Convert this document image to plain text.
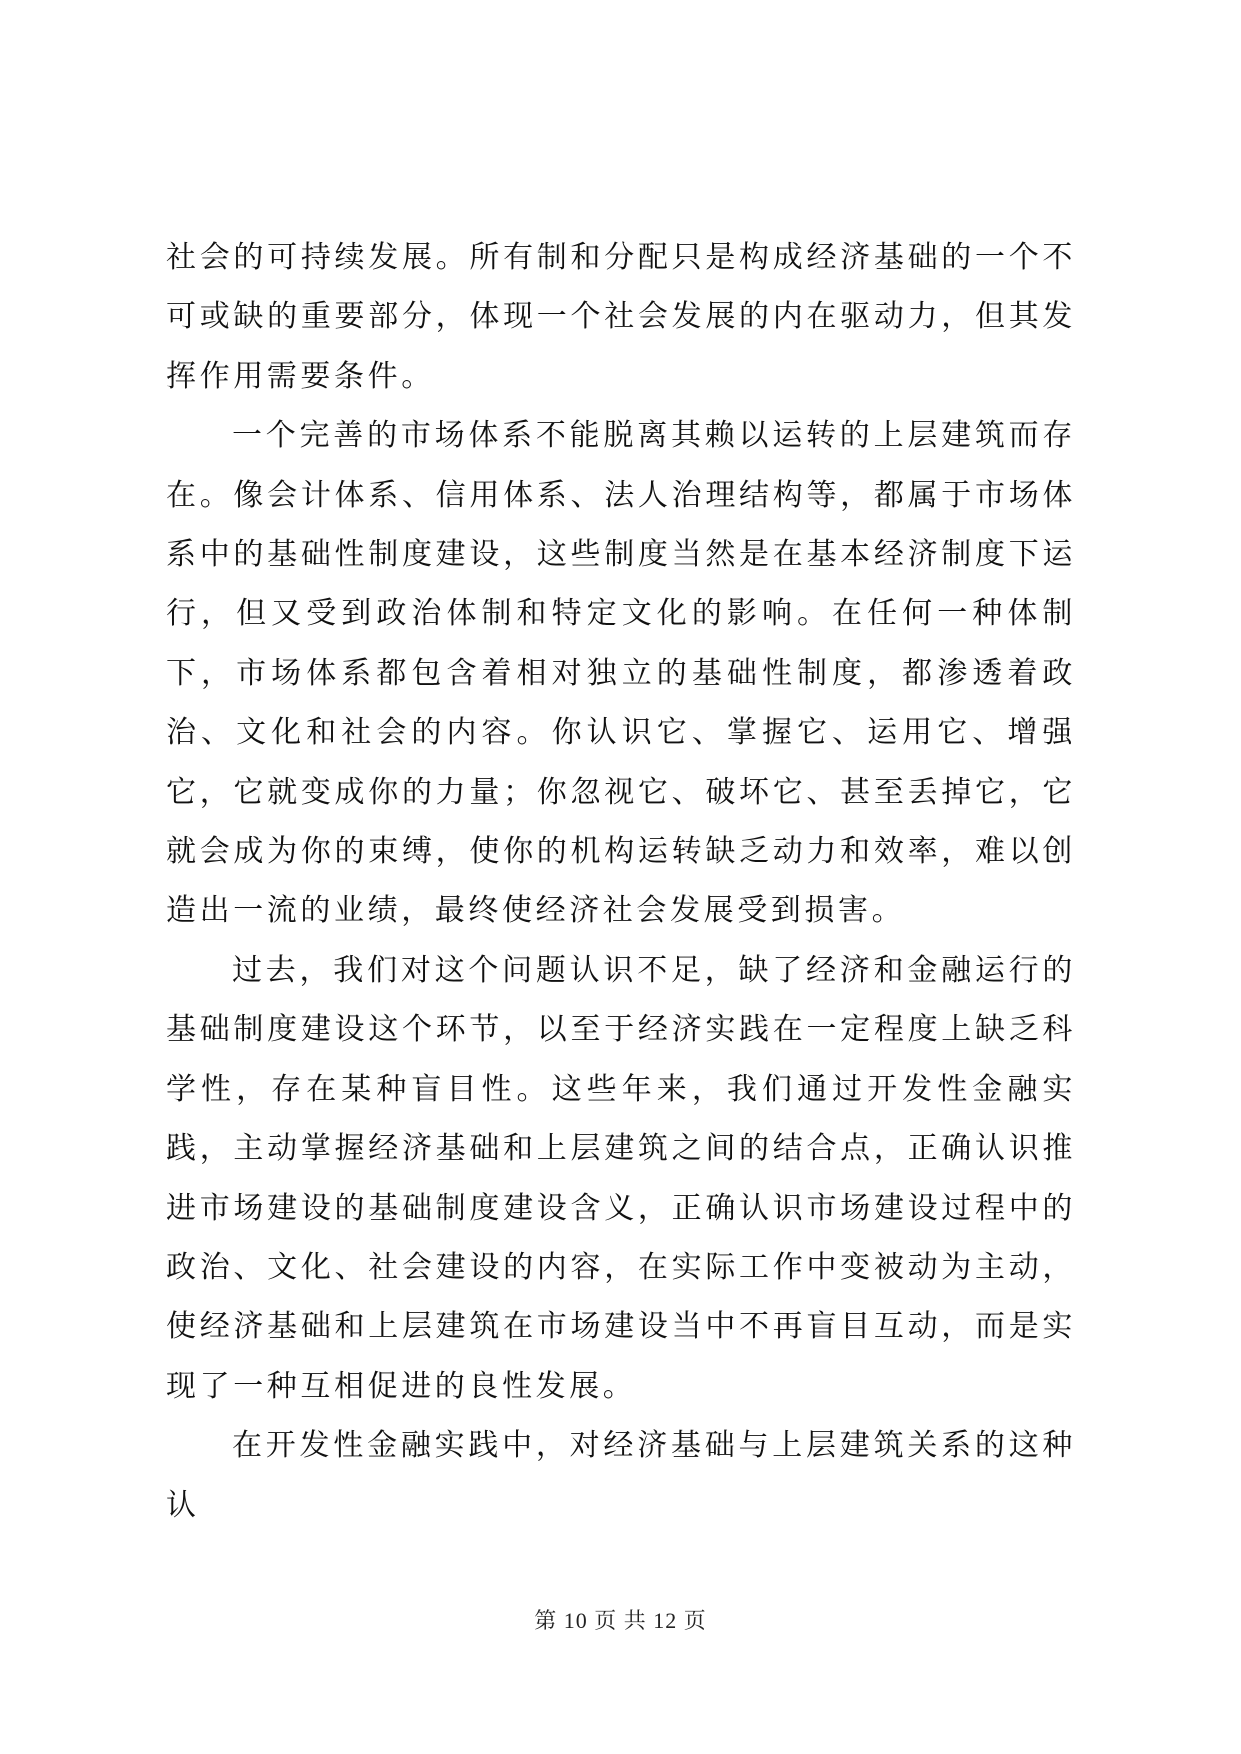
社会的可持续发展。所有制和分配只是构成经济基础的一个不可或缺的重要部分，体现一个社会发展的内在驱动力，但其发挥作用需要条件。

一个完善的市场体系不能脱离其赖以运转的上层建筑而存在。像会计体系、信用体系、法人治理结构等，都属于市场体系中的基础性制度建设，这些制度当然是在基本经济制度下运行，但又受到政治体制和特定文化的影响。在任何一种体制下，市场体系都包含着相对独立的基础性制度，都渗透着政治、文化和社会的内容。你认识它、掌握它、运用它、增强它，它就变成你的力量；你忽视它、破坏它、甚至丢掉它，它就会成为你的束缚，使你的机构运转缺乏动力和效率，难以创造出一流的业绩，最终使经济社会发展受到损害。

过去，我们对这个问题认识不足，缺了经济和金融运行的基础制度建设这个环节，以至于经济实践在一定程度上缺乏科学性，存在某种盲目性。这些年来，我们通过开发性金融实践，主动掌握经济基础和上层建筑之间的结合点，正确认识推进市场建设的基础制度建设含义，正确认识市场建设过程中的政治、文化、社会建设的内容，在实际工作中变被动为主动，使经济基础和上层建筑在市场建设当中不再盲目互动，而是实现了一种互相促进的良性发展。

在开发性金融实践中，对经济基础与上层建筑关系的这种认

第 10 页 共 12 页
